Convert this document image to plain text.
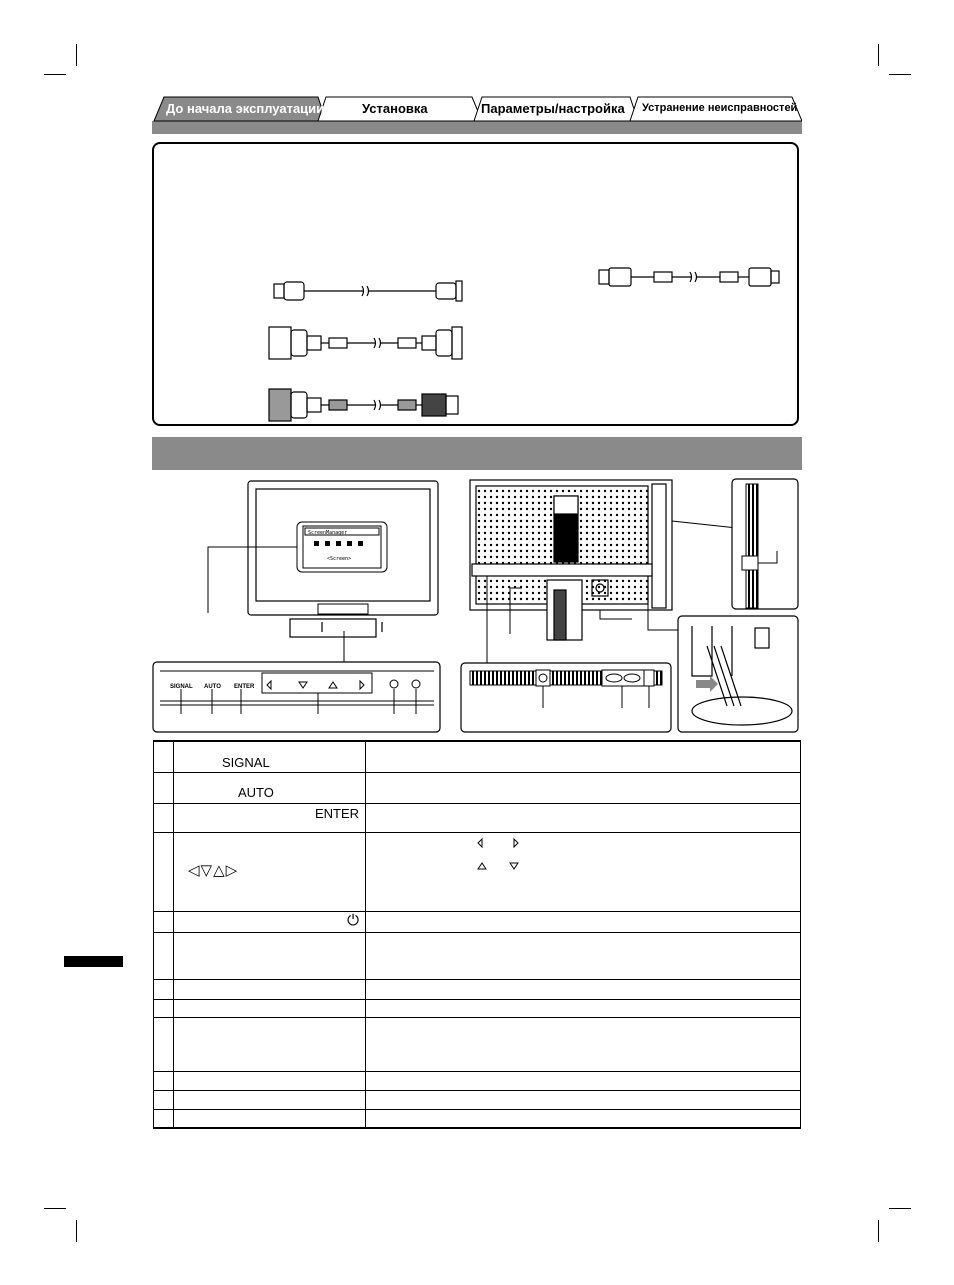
До начала эксплуатации	Установка	Параметры/настройка Устранение неисправностей
ScreenManager
<Screen>
SIGNAL AUTO ENTER

	SIGNAL	

	AUTO	

	ENTER	

	◁▽△▷

	⏻	
